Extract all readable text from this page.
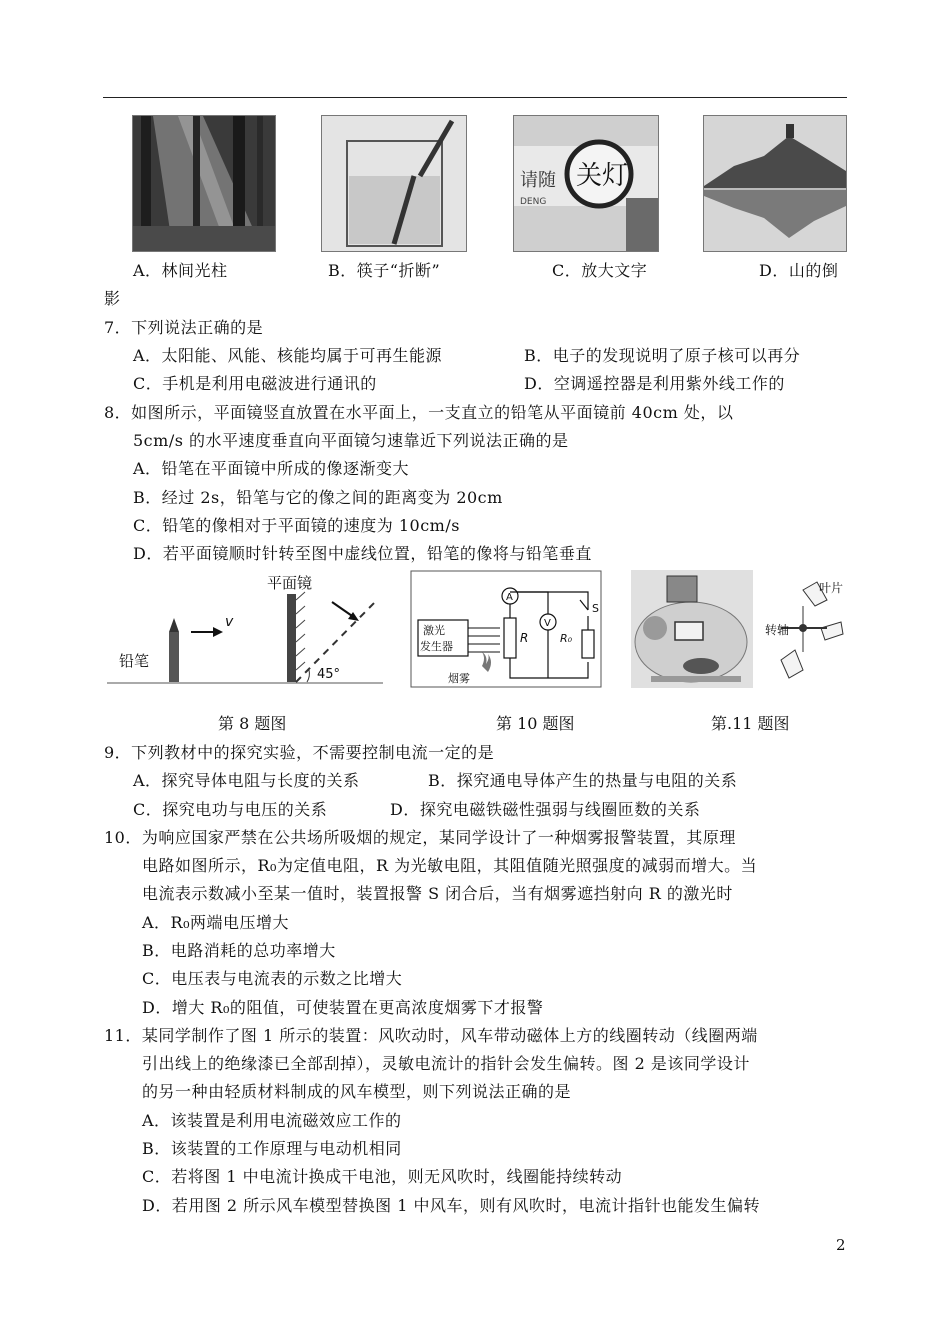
请随 关灯
DENG
A．林间光柱	B．筷子“折断”	C．放大文字	D．山的倒
影
7．下列说法正确的是
A．太阳能、风能、核能均属于可再生能源	B．电子的发现说明了原子核可以再分
C．手机是利用电磁波进行通讯的	D．空调遥控器是利用紫外线工作的
8．如图所示，平面镜竖直放置在水平面上，一支直立的铅笔从平面镜前 40cm 处，以
5cm/s 的水平速度垂直向平面镜匀速靠近下列说法正确的是
A．铅笔在平面镜中所成的像逐渐变大
B．经过 2s，铅笔与它的像之间的距离变为 20cm
C．铅笔的像相对于平面镜的速度为 10cm/s
D．若平面镜顺时针转至图中虚线位置，铅笔的像将与铅笔垂直
平面镜
45°
铅笔
v
激光
发生器
R
A
V
S
R₀
烟雾
叶片
转轴
第 8 题图	第 10 题图	第.11 题图
9．下列教材中的探究实验，不需要控制电流一定的是
A．探究导体电阻与长度的关系	B．探究通电导体产生的热量与电阻的关系
C．探究电功与电压的关系	D．探究电磁铁磁性强弱与线圈匝数的关系
10．为响应国家严禁在公共场所吸烟的规定，某同学设计了一种烟雾报警装置，其原理
电路如图所示，R₀为定值电阻，R 为光敏电阻，其阻值随光照强度的减弱而增大。当
电流表示数减小至某一值时，装置报警 S 闭合后，当有烟雾遮挡射向 R 的激光时
A．R₀两端电压增大
B．电路消耗的总功率增大
C．电压表与电流表的示数之比增大
D．增大 R₀的阻值，可使装置在更高浓度烟雾下才报警
11．某同学制作了图 1 所示的装置：风吹动时，风车带动磁体上方的线圈转动（线圈两端
引出线上的绝缘漆已全部刮掉），灵敏电流计的指针会发生偏转。图 2 是该同学设计
的另一种由轻质材料制成的风车模型，则下列说法正确的是
A．该装置是利用电流磁效应工作的
B．该装置的工作原理与电动机相同
C．若将图 1 中电流计换成干电池，则无风吹时，线圈能持续转动
D．若用图 2 所示风车模型替换图 1 中风车，则有风吹时，电流计指针也能发生偏转
2
